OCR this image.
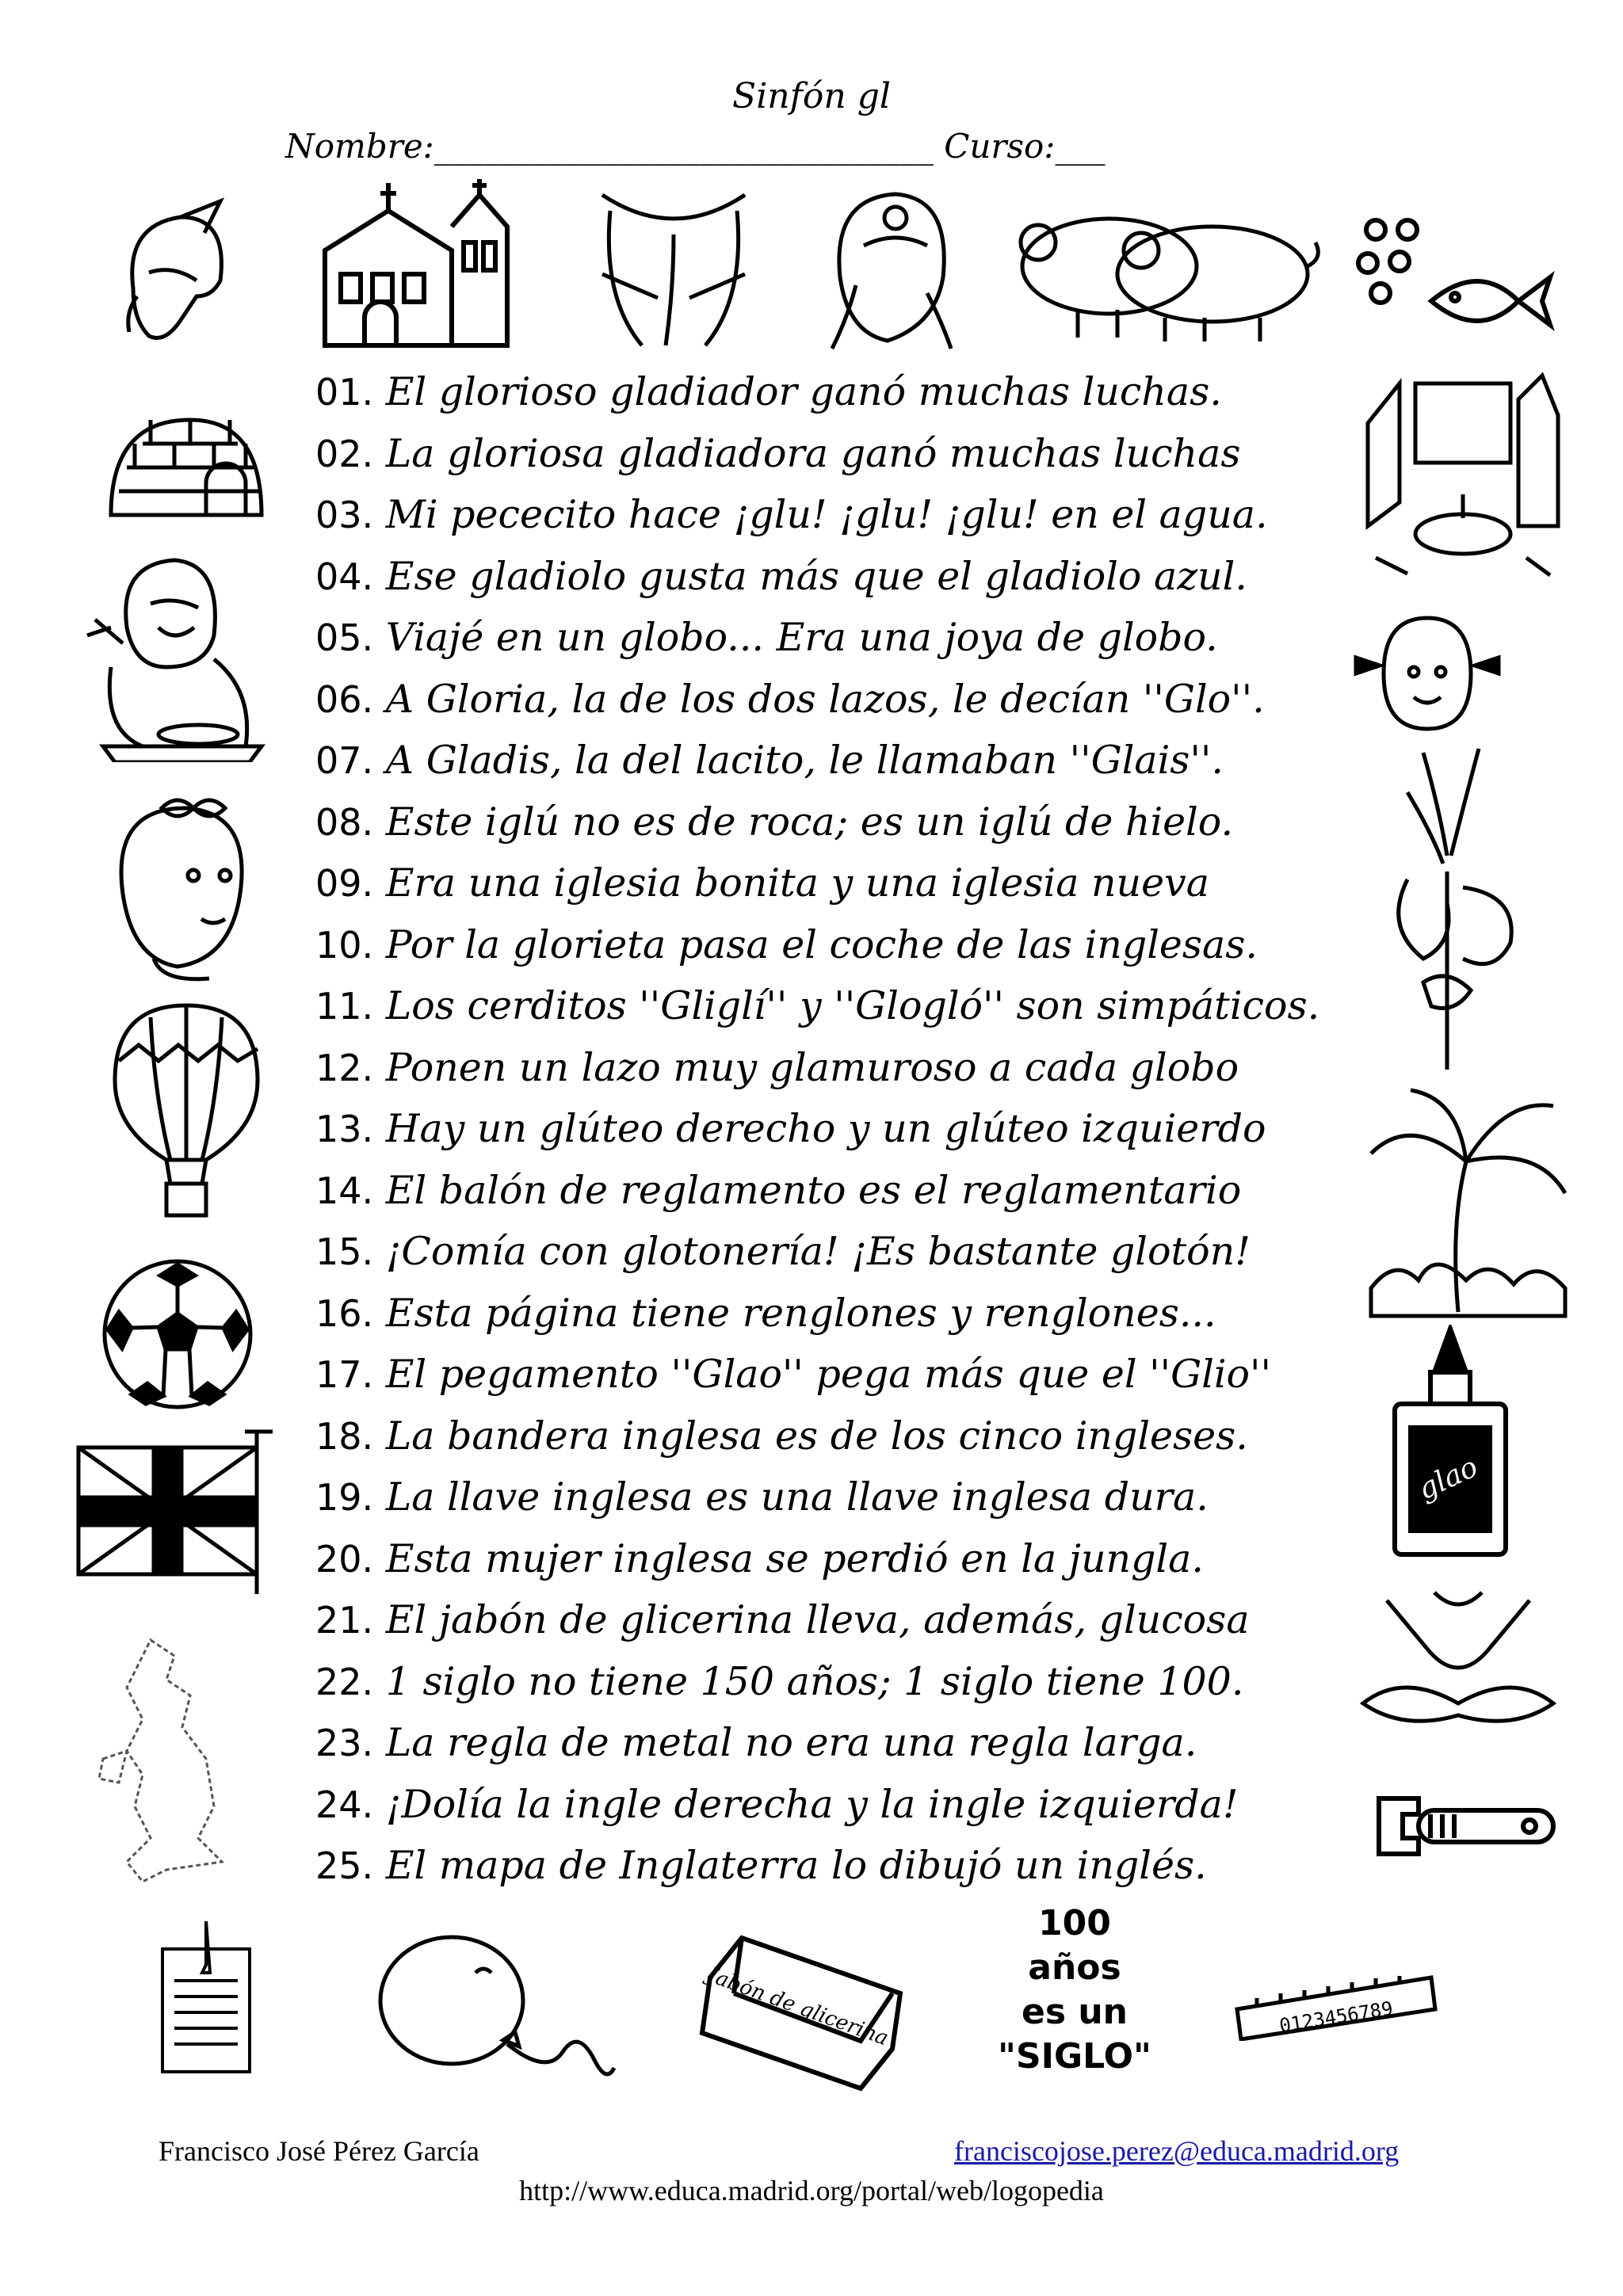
Sinfón gl
Nombre:______________________________ Curso:___
glao
01. El glorioso gladiador ganó muchas luchas.
02. La gloriosa gladiadora ganó muchas luchas
03. Mi pececito hace ¡glu! ¡glu! ¡glu! en el agua.
04. Ese gladiolo gusta más que el gladiolo azul.
05. Viajé en un globo... Era una joya de globo.
06. A Gloria, la de los dos lazos, le decían ''Glo''.
07. A Gladis, la del lacito, le llamaban ''Glais''.
08. Este iglú no es de roca; es un iglú de hielo.
09. Era una iglesia bonita y una iglesia nueva
10. Por la glorieta pasa el coche de las inglesas.
11. Los cerditos ''Gliglí'' y ''Glogló'' son simpáticos.
12. Ponen un lazo muy glamuroso a cada globo
13. Hay un glúteo derecho y un glúteo izquierdo
14. El balón de reglamento es el reglamentario
15. ¡Comía con glotonería! ¡Es bastante glotón!
16. Esta página tiene renglones y renglones...
17. El pegamento ''Glao'' pega más que el ''Glio''
18. La bandera inglesa es de los cinco ingleses.
19. La llave inglesa es una llave inglesa dura.
20. Esta mujer inglesa se perdió en la jungla.
21. El jabón de glicerina lleva, además, glucosa
22. 1 siglo no tiene 150 años; 1 siglo tiene 100.
23. La regla de metal no era una regla larga.
24. ¡Dolía la ingle derecha y la ingle izquierda!
25. El mapa de Inglaterra lo dibujó un inglés.
Jabón de glicerina
100
años
es un
"SIGLO"
0123456789
Francisco José Pérez García	franciscojose.perez@educa.madrid.org
http://www.educa.madrid.org/portal/web/logopedia
